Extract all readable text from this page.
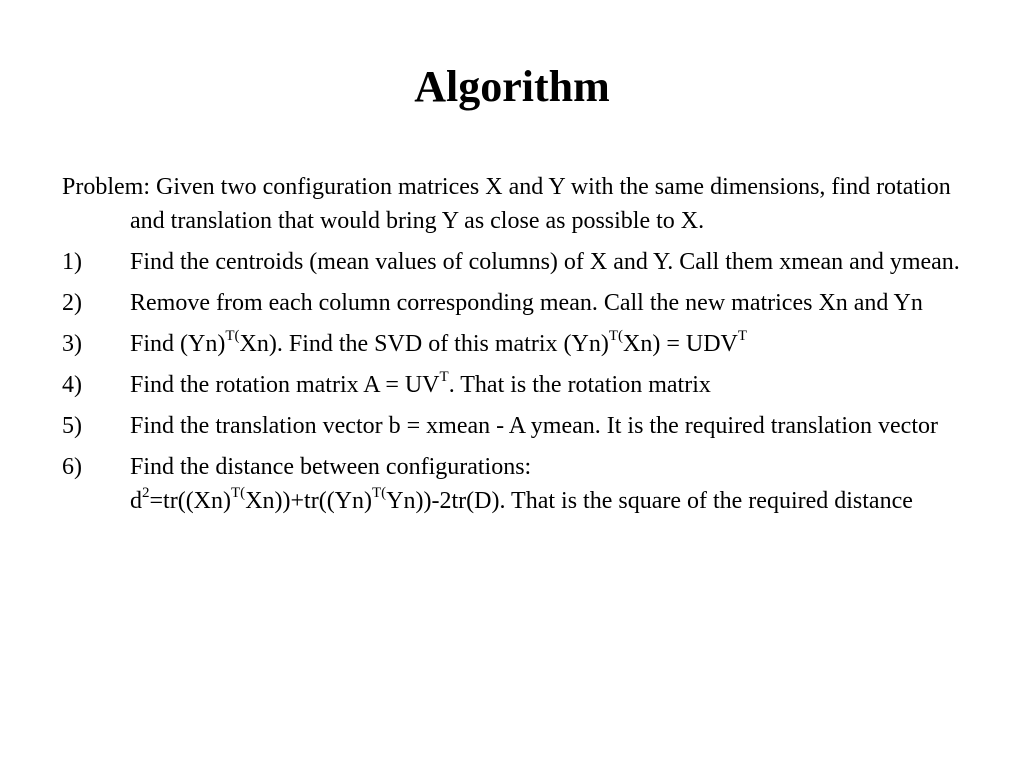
Algorithm

Problem: Given two configuration matrices X and Y with the same dimensions, find rotation and translation that would bring Y as close as possible to X.

1)	Find the centroids (mean values of columns) of X and Y. Call them xmean and ymean.
2)	Remove from each column corresponding mean. Call the new matrices Xn and Yn
3)	Find $(Yn)^{T(}Xn$). Find the SVD of this matrix $(Yn)^{T(}Xn) = UDV^T$
4)	Find the rotation matrix $A = UV^T$. That is the rotation matrix
5)	Find the translation vector b = xmean - A ymean. It is the required translation vector
6)	Find the distance between configurations:
$d^2=tr((Xn)^{T(}Xn))+tr((Yn)^{T(}Yn))-2tr(D)$. That is the square of the required distance
